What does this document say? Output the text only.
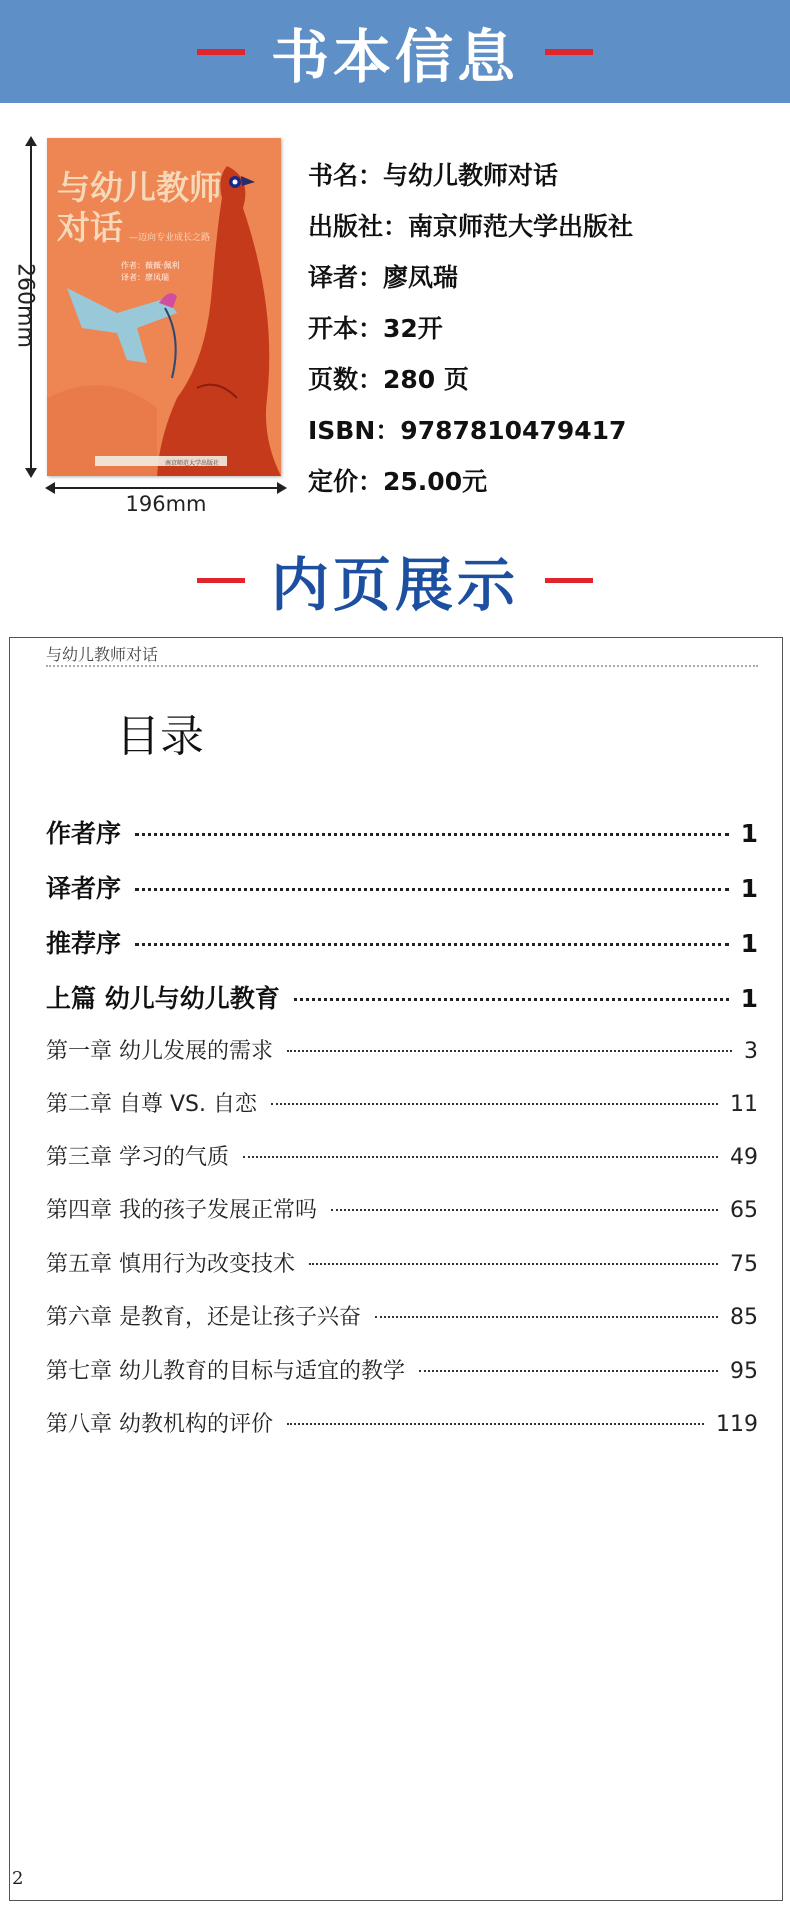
书本信息
260mm
196mm
与幼儿教师
对话 —迈向专业成长之路
作者：薇薇·佩利
译者：廖凤瑞
南京师范大学出版社
书名： 与幼儿教师对话
出版社： 南京师范大学出版社
译者： 廖凤瑞
开本： 32开
页数： 280 页
ISBN： 9787810479417
定价： 25.00元
内页展示
与幼儿教师对话
目录
作者序	1
译者序	1
推荐序	1
上篇 幼儿与幼儿教育	1
第一章 幼儿发展的需求	3
第二章 自尊 VS. 自恋	11
第三章 学习的气质	49
第四章 我的孩子发展正常吗	65
第五章 慎用行为改变技术	75
第六章 是教育，还是让孩子兴奋	85
第七章 幼儿教育的目标与适宜的教学	95
第八章 幼教机构的评价	119
2
